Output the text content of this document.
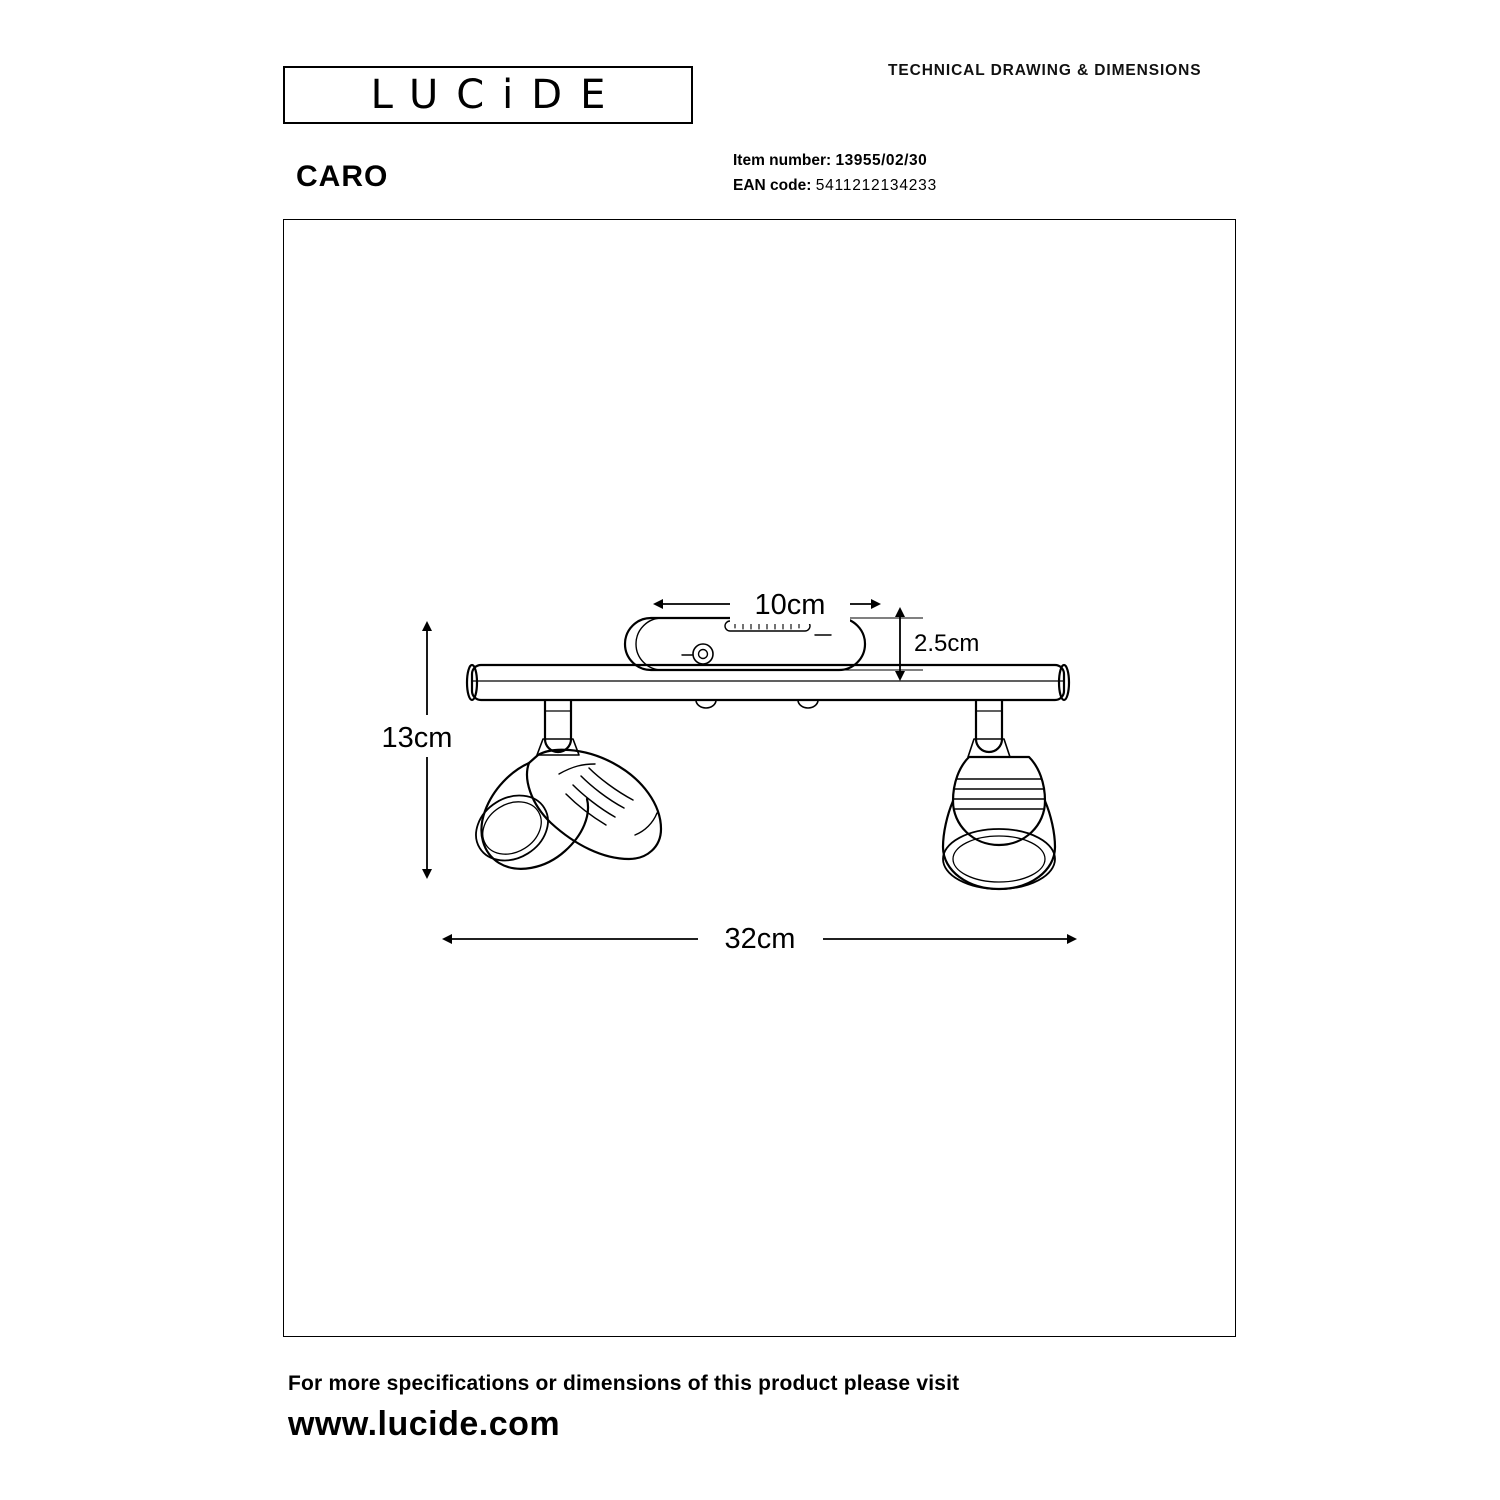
LUCiDE
TECHNICAL DRAWING & DIMENSIONS
CARO	Item number: 13955/02/30
EAN code: 5411212134233
10cm
2.5cm
13cm
32cm
For more specifications or dimensions of this product please visit
www.lucide.com
